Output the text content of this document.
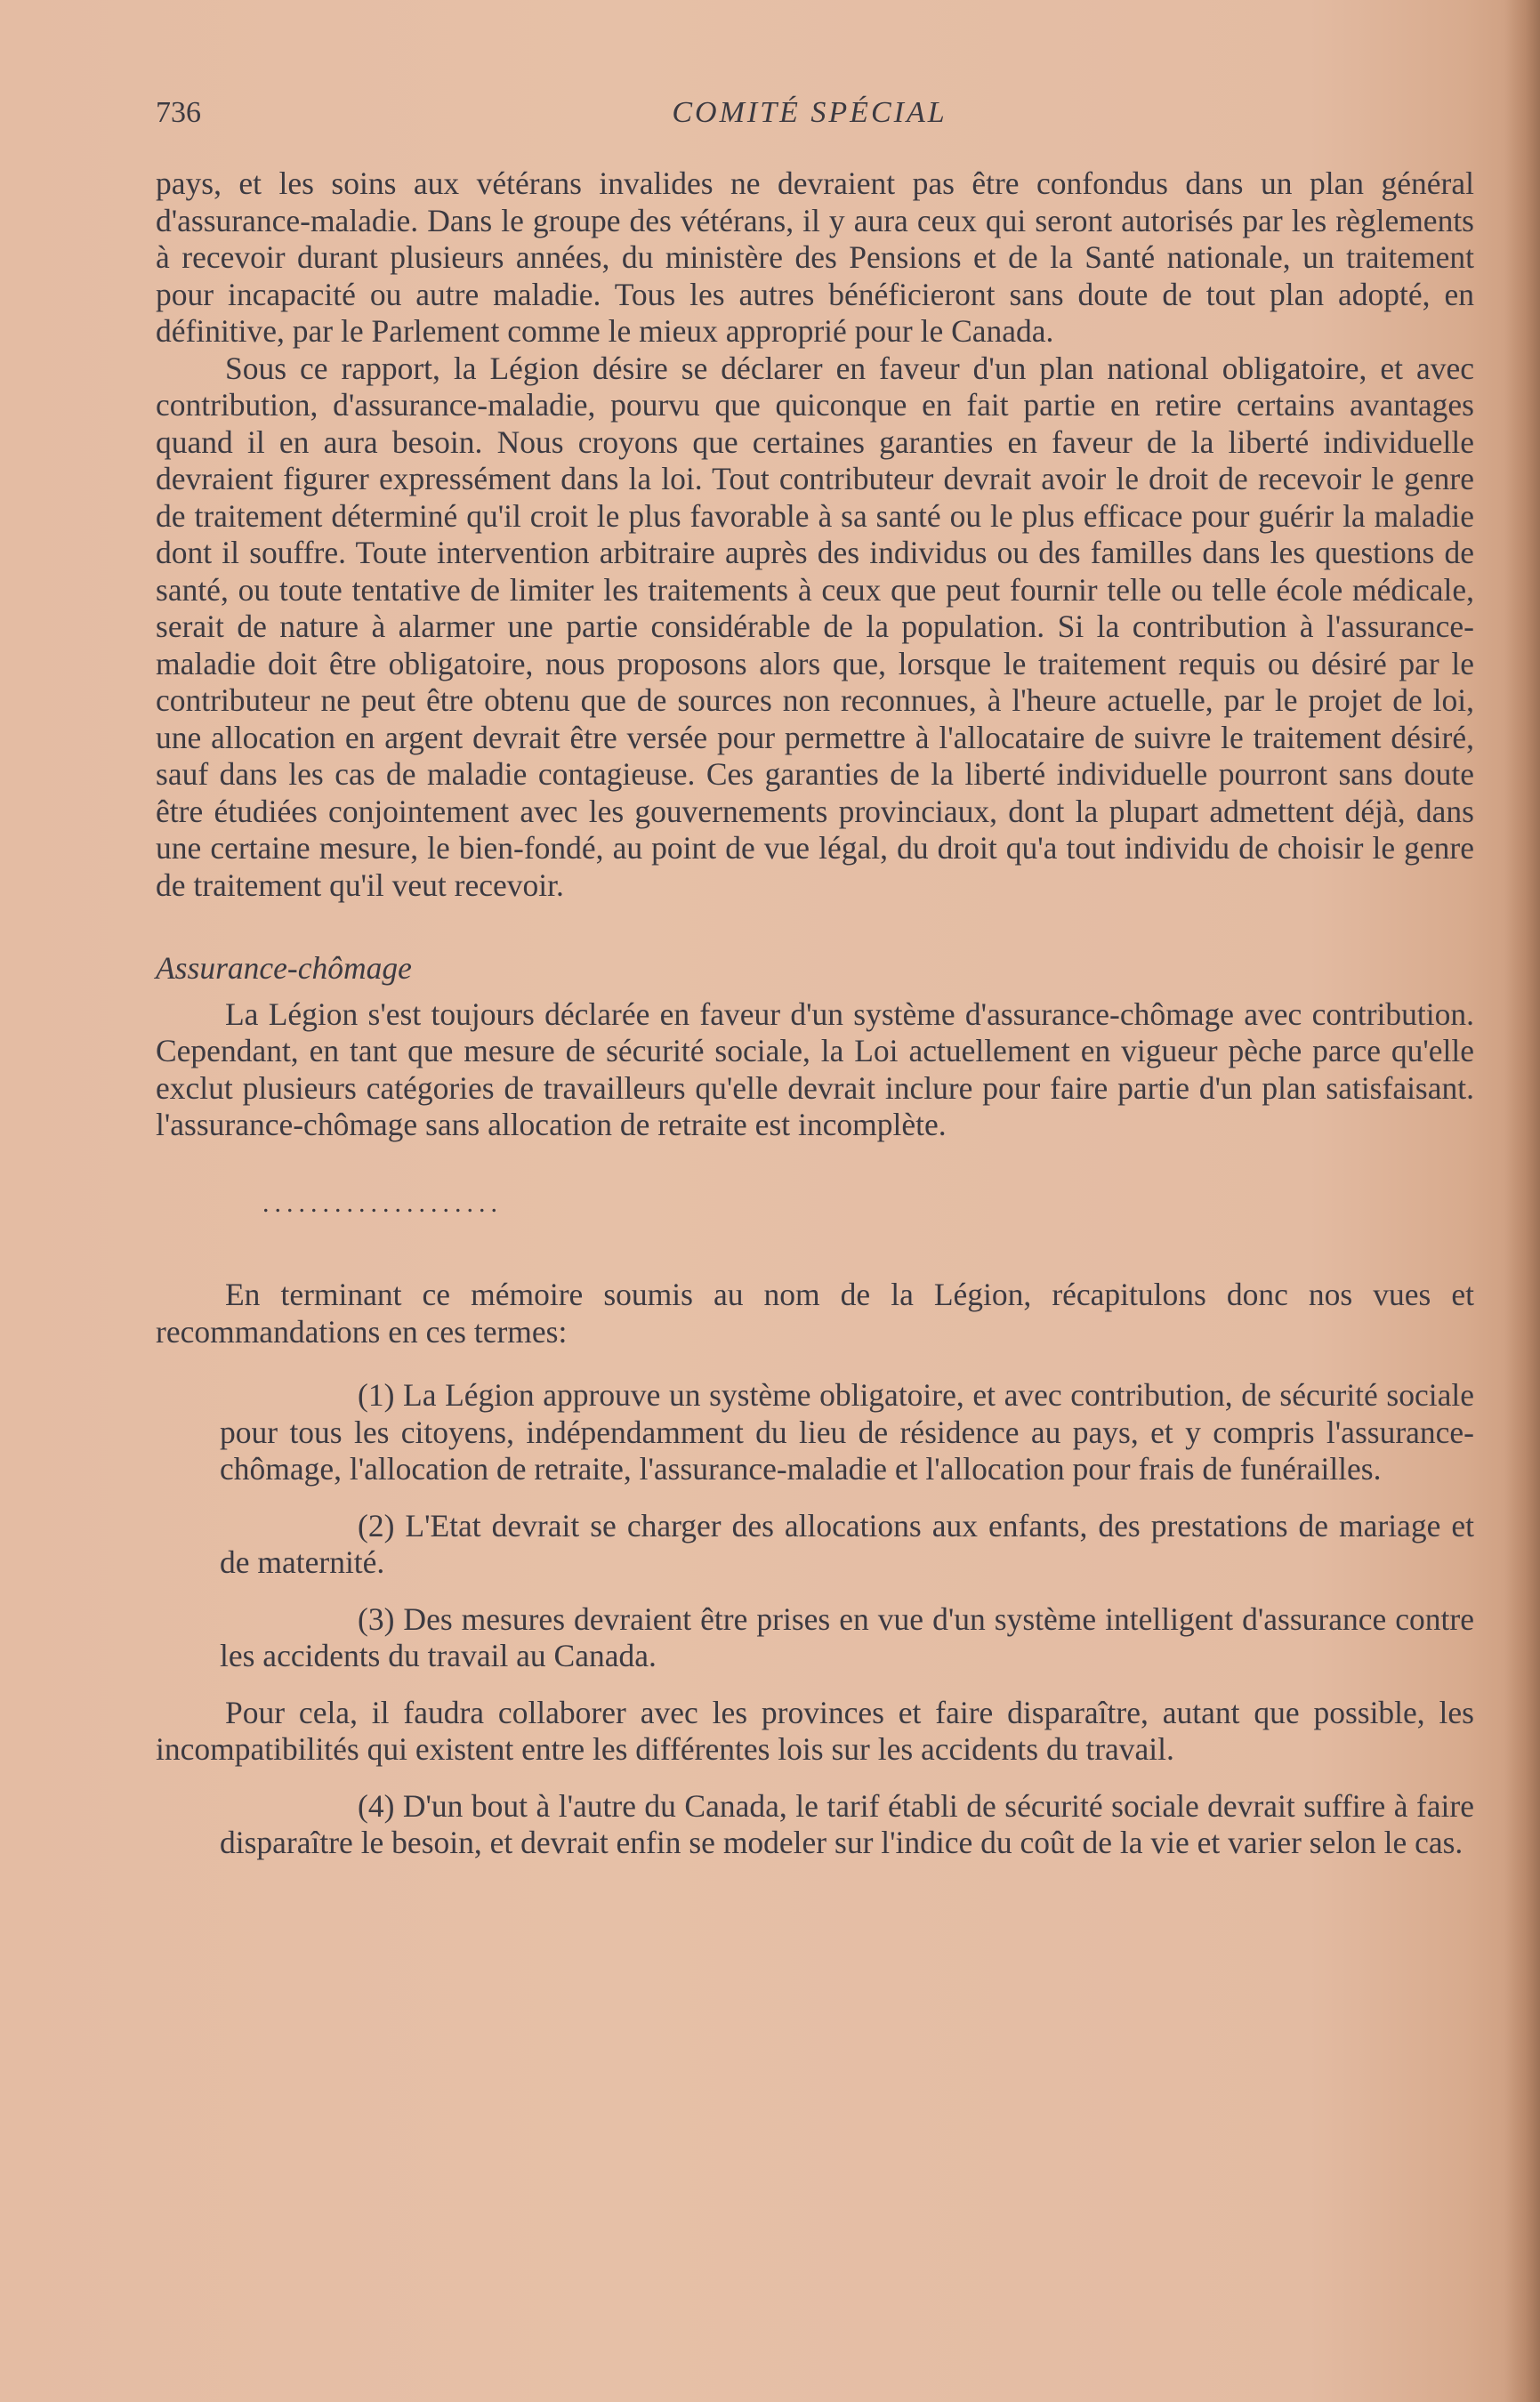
736	COMITÉ SPÉCIAL

pays, et les soins aux vétérans invalides ne devraient pas être confondus dans un plan général d'assurance-maladie. Dans le groupe des vétérans, il y aura ceux qui seront autorisés par les règlements à recevoir durant plusieurs années, du ministère des Pensions et de la Santé nationale, un traitement pour incapacité ou autre maladie. Tous les autres bénéficieront sans doute de tout plan adopté, en définitive, par le Parlement comme le mieux approprié pour le Canada.

Sous ce rapport, la Légion désire se déclarer en faveur d'un plan national obligatoire, et avec contribution, d'assurance-maladie, pourvu que quiconque en fait partie en retire certains avantages quand il en aura besoin. Nous croyons que certaines garanties en faveur de la liberté individuelle devraient figurer expressément dans la loi. Tout contributeur devrait avoir le droit de recevoir le genre de traitement déterminé qu'il croit le plus favorable à sa santé ou le plus efficace pour guérir la maladie dont il souffre. Toute intervention arbitraire auprès des individus ou des familles dans les questions de santé, ou toute tentative de limiter les traitements à ceux que peut fournir telle ou telle école médicale, serait de nature à alarmer une partie considérable de la population. Si la contribution à l'assurance-maladie doit être obligatoire, nous proposons alors que, lorsque le traitement requis ou désiré par le contributeur ne peut être obtenu que de sources non reconnues, à l'heure actuelle, par le projet de loi, une allocation en argent devrait être versée pour permettre à l'allocataire de suivre le traitement désiré, sauf dans les cas de maladie contagieuse. Ces garanties de la liberté individuelle pourront sans doute être étudiées conjointement avec les gouvernements provinciaux, dont la plupart admettent déjà, dans une certaine mesure, le bien-fondé, au point de vue légal, du droit qu'a tout individu de choisir le genre de traitement qu'il veut recevoir.

Assurance-chômage

La Légion s'est toujours déclarée en faveur d'un système d'assurance-chômage avec contribution. Cependant, en tant que mesure de sécurité sociale, la Loi actuellement en vigueur pèche parce qu'elle exclut plusieurs catégories de travailleurs qu'elle devrait inclure pour faire partie d'un plan satisfaisant. l'assurance-chômage sans allocation de retraite est incomplète.

....................

En terminant ce mémoire soumis au nom de la Légion, récapitulons donc nos vues et recommandations en ces termes:

(1) La Légion approuve un système obligatoire, et avec contribution, de sécurité sociale pour tous les citoyens, indépendamment du lieu de résidence au pays, et y compris l'assurance-chômage, l'allocation de retraite, l'assurance-maladie et l'allocation pour frais de funérailles.

(2) L'Etat devrait se charger des allocations aux enfants, des prestations de mariage et de maternité.

(3) Des mesures devraient être prises en vue d'un système intelligent d'assurance contre les accidents du travail au Canada.

Pour cela, il faudra collaborer avec les provinces et faire disparaître, autant que possible, les incompatibilités qui existent entre les différentes lois sur les accidents du travail.

(4) D'un bout à l'autre du Canada, le tarif établi de sécurité sociale devrait suffire à faire disparaître le besoin, et devrait enfin se modeler sur l'indice du coût de la vie et varier selon le cas.
